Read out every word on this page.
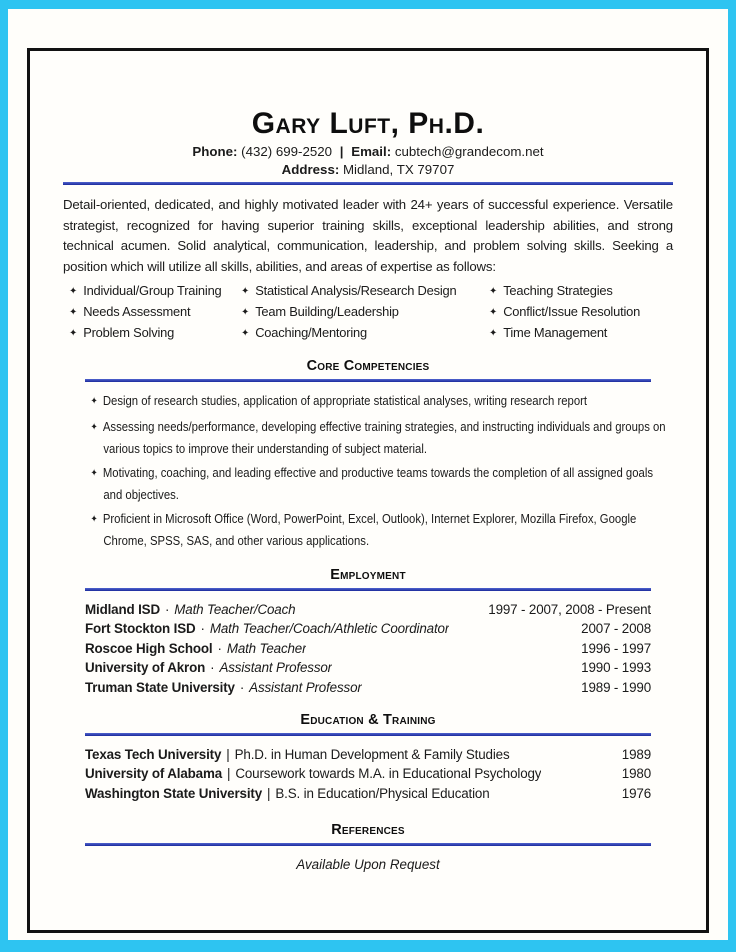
Gary Luft, Ph.D.
Phone: (432) 699-2520 | Email: cubtech@grandecom.net
Address: Midland, TX 79707

Detail-oriented, dedicated, and highly motivated leader with 24+ years of successful experience. Versatile strategist, recognized for having superior training skills, exceptional leadership abilities, and strong technical acumen. Solid analytical, communication, leadership, and problem solving skills. Seeking a position which will utilize all skills, abilities, and areas of expertise as follows:

✦ Individual/Group Training
✦ Needs Assessment
✦ Problem Solving
✦ Statistical Analysis/Research Design
✦ Team Building/Leadership
✦ Coaching/Mentoring
✦ Teaching Strategies
✦ Conflict/Issue Resolution
✦ Time Management
Core Competencies
✦ Design of research studies, application of appropriate statistical analyses, writing research report
✦ Assessing needs/performance, developing effective training strategies, and instructing individuals and groups on various topics to improve their understanding of subject material.
✦ Motivating, coaching, and leading effective and productive teams towards the completion of all assigned goals and objectives.
✦ Proficient in Microsoft Office (Word, PowerPoint, Excel, Outlook), Internet Explorer, Mozilla Firefox, Google Chrome, SPSS, SAS, and other various applications.
Employment
Midland ISD · Math Teacher/Coach	1997 - 2007, 2008 - Present
Fort Stockton ISD · Math Teacher/Coach/Athletic Coordinator	2007 - 2008
Roscoe High School · Math Teacher	1996 - 1997
University of Akron · Assistant Professor	1990 - 1993
Truman State University · Assistant Professor	1989 - 1990
Education & Training
Texas Tech University | Ph.D. in Human Development & Family Studies	1989
University of Alabama | Coursework towards M.A. in Educational Psychology	1980
Washington State University | B.S. in Education/Physical Education	1976
References
Available Upon Request
